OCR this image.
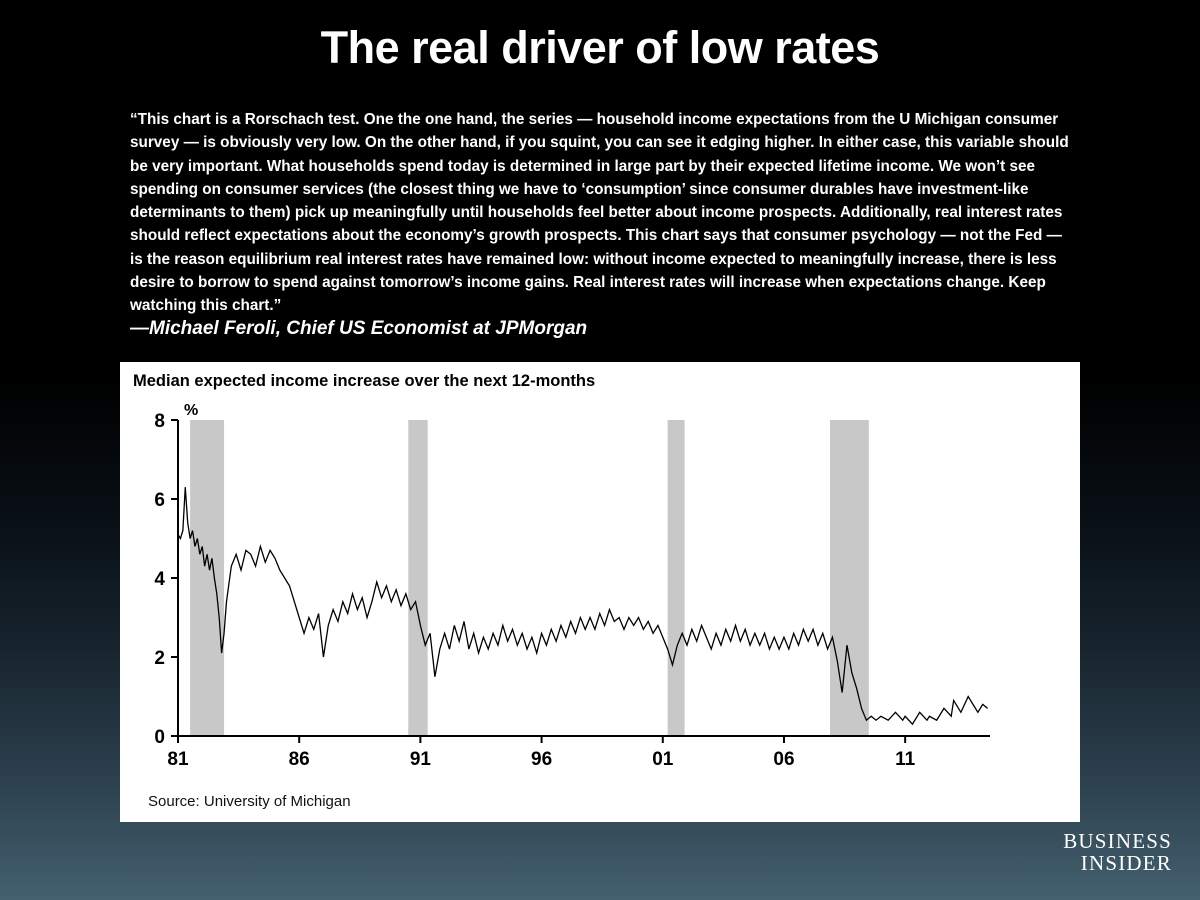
The real driver of low rates
“This chart is a Rorschach test. One the one hand, the series — household income expectations from the U Michigan consumer survey — is obviously very low. On the other hand, if you squint, you can see it edging higher. In either case, this variable should be very important. What households spend today is determined in large part by their expected lifetime income. We won’t see spending on consumer services (the closest thing we have to ‘consumption’ since consumer durables have investment-like determinants to them) pick up meaningfully until households feel better about income prospects. Additionally, real interest rates should reflect expectations about the economy’s growth prospects. This chart says that consumer psychology — not the Fed — is the reason equilibrium real interest rates have remained low: without income expected to meaningfully increase, there is less desire to borrow to spend against tomorrow’s income gains. Real interest rates will increase when expectations change. Keep watching this chart.”
—Michael Feroli, Chief US Economist at JPMorgan
Median expected income increase over the next 12-months
0
2
4
6
8
%
81	86	91	96	01	06	11
Source: University of Michigan
BUSINESS
INSIDER
